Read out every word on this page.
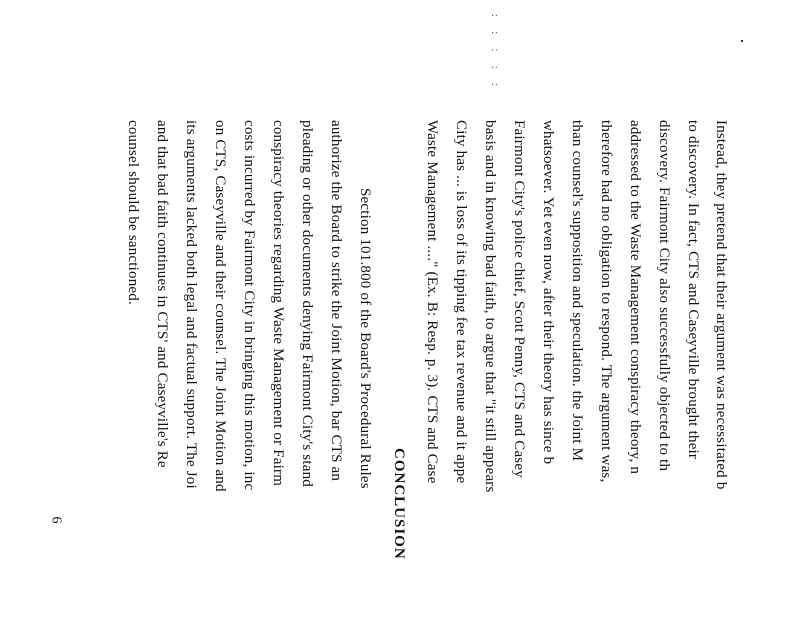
: : : : :
Instead, they pretend that their argument was necessitated b
to discovery. In fact, CTS and Caseyville brought their
discovery. Fairmont City also successfully objected to th
addressed to the Waste Management conspiracy theory, n
therefore had no obligation to respond. The argument was,
than counsel's supposition and speculation. the Joint M
whatsoever. Yet even now, after their theory has since b
Fairmont City's police chief, Scott Penny, CTS and Casey
basis and in knowing bad faith, to argue that "it still appears
City has ... is loss of its tipping fee tax revenue and it appe
Waste Management ...." (Ex. B: Resp. p. 3). CTS and Case
CONCLUSION
Section 101.800 of the Board's Procedural Rules
authorize the Board to strike the Joint Motion, bar CTS an
pleading or other documents denying Fairmont City's stand
conspiracy theories regarding Waste Management or Fairm
costs incurred by Fairmont City in bringing this motion, inc
on CTS, Caseyville and their counsel. The Joint Motion and
its arguments lacked both legal and factual support. The Joi
and that bad faith continues in CTS' and Caseyville's Re
counsel should be sanctioned.
6
